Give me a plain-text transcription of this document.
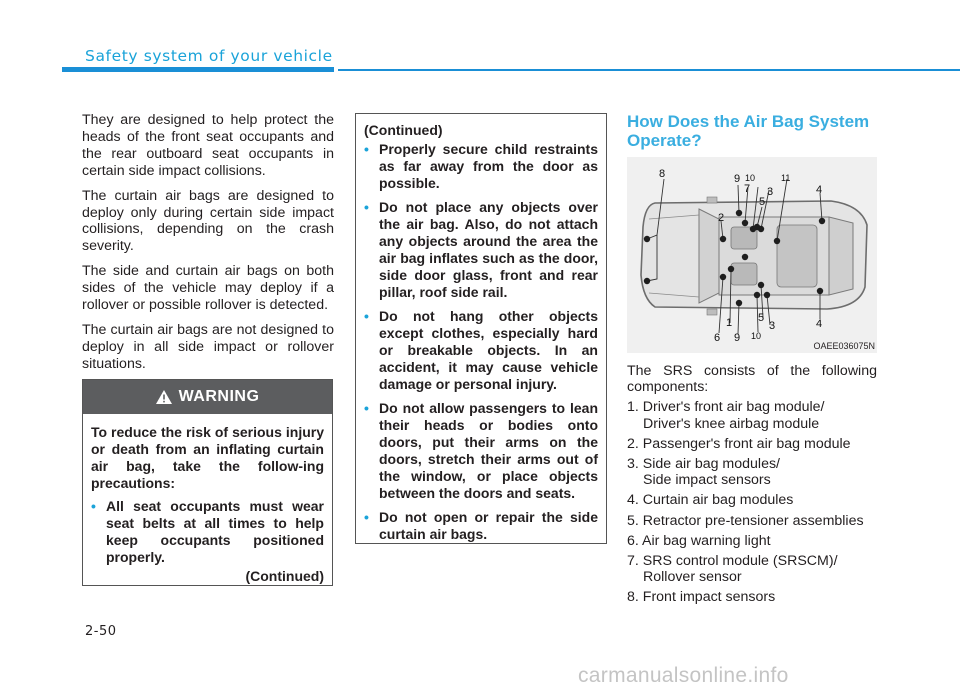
Safety system of your vehicle

They are designed to help protect the heads of the front seat occupants and the rear outboard seat occupants in certain side impact collisions.

The curtain air bags are designed to deploy only during certain side impact collisions, depending on the crash severity.

The side and curtain air bags on both sides of the vehicle may deploy if a rollover or possible rollover is detected.

The curtain air bags are not designed to deploy in all side impact or rollover situations.

WARNING

To reduce the risk of serious injury or death from an inflating curtain air bag, take the follow-ing precautions:

• All seat occupants must wear seat belts at all times to help keep occupants positioned properly.
(Continued)
(Continued)
• Properly secure child restraints as far away from the door as possible.
• Do not place any objects over the air bag. Also, do not attach any objects around the area the air bag inflates such as the door, side door glass, front and rear pillar, roof side rail.
• Do not hang other objects except clothes, especially hard or breakable objects. In an accident, it may cause vehicle damage or personal injury.
• Do not allow passengers to lean their heads or bodies onto doors, put their arms on the doors, stretch their arms out of the window, or place objects between the doors and seats.
• Do not open or repair the side curtain air bags.
How Does the Air Bag System Operate?
8
2
9 10
7 3
11
5
4
1 5
3	4
6 9 10
OAEE036075N

The SRS consists of the following components:

1. Driver's front air bag module/
Driver's knee airbag module
2. Passenger's front air bag module
3. Side air bag modules/
Side impact sensors
4. Curtain air bag modules
5. Retractor pre-tensioner assemblies
6. Air bag warning light
7. SRS control module (SRSCM)/
Rollover sensor
8. Front impact sensors
2-50
carmanualsonline.info
